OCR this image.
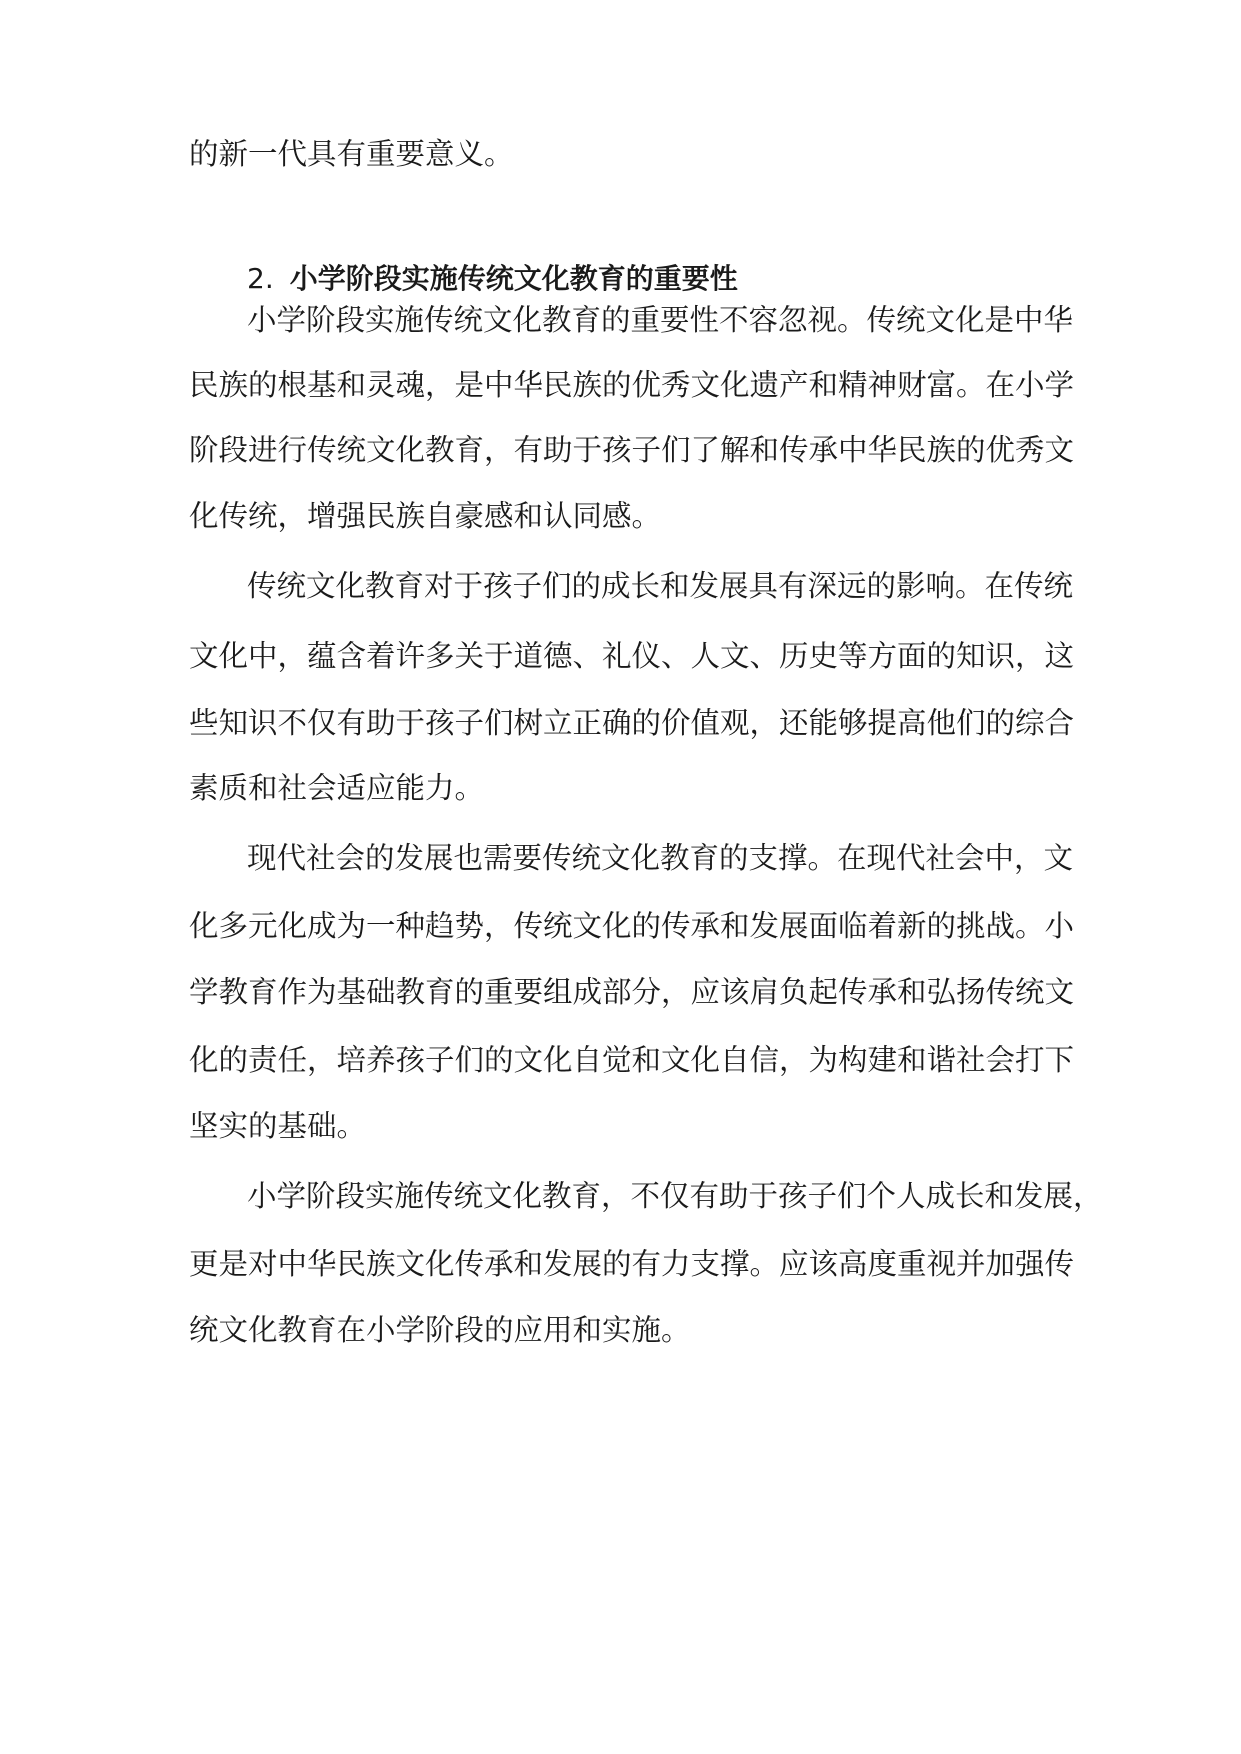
的新一代具有重要意义。
2. 小学阶段实施传统文化教育的重要性
小学阶段实施传统文化教育的重要性不容忽视。传统文化是中华
民族的根基和灵魂，是中华民族的优秀文化遗产和精神财富。在小学
阶段进行传统文化教育，有助于孩子们了解和传承中华民族的优秀文
化传统，增强民族自豪感和认同感。
传统文化教育对于孩子们的成长和发展具有深远的影响。在传统
文化中，蕴含着许多关于道德、礼仪、人文、历史等方面的知识，这
些知识不仅有助于孩子们树立正确的价值观，还能够提高他们的综合
素质和社会适应能力。
现代社会的发展也需要传统文化教育的支撑。在现代社会中，文
化多元化成为一种趋势，传统文化的传承和发展面临着新的挑战。小
学教育作为基础教育的重要组成部分，应该肩负起传承和弘扬传统文
化的责任，培养孩子们的文化自觉和文化自信，为构建和谐社会打下
坚实的基础。
小学阶段实施传统文化教育，不仅有助于孩子们个人成长和发展，
更是对中华民族文化传承和发展的有力支撑。应该高度重视并加强传
统文化教育在小学阶段的应用和实施。
